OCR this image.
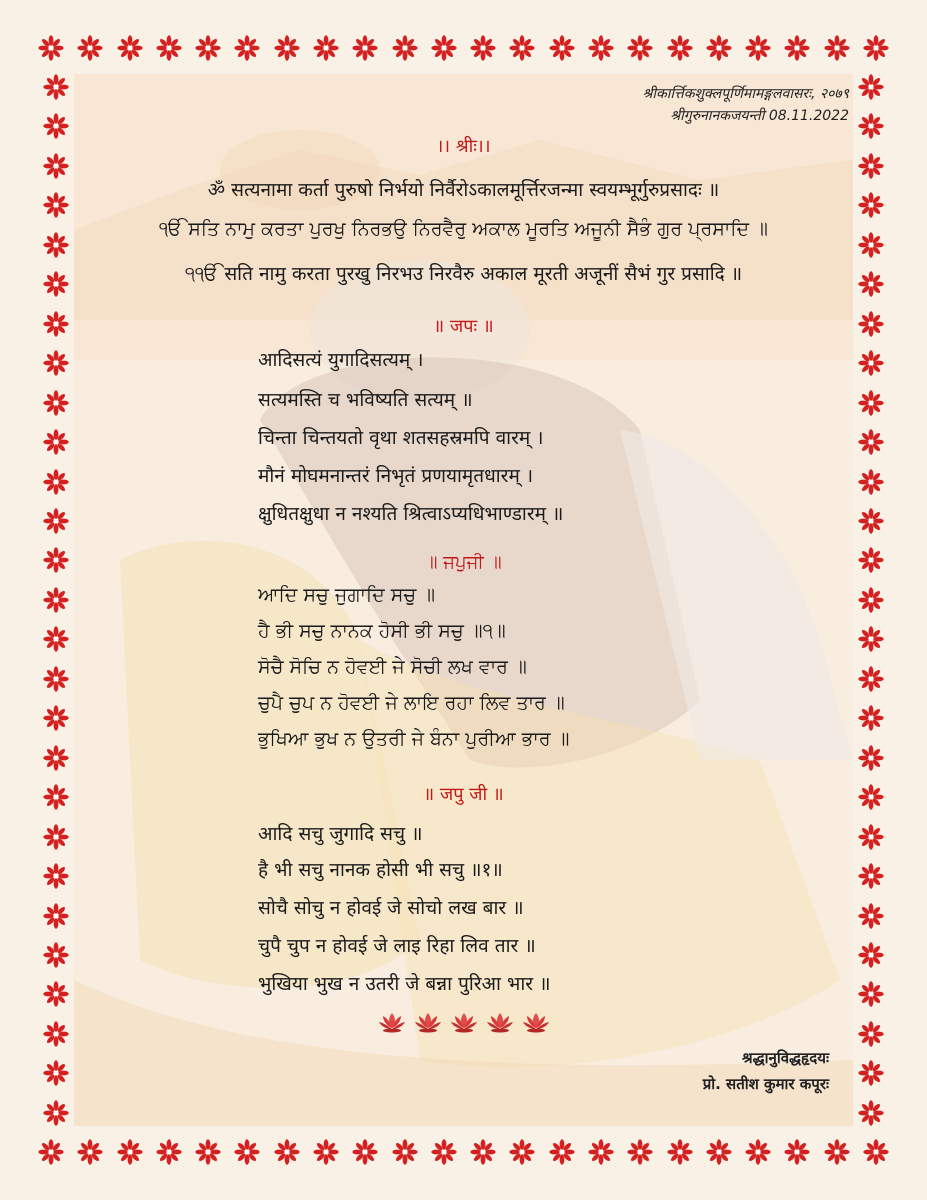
श्रीकार्त्तिकशुक्लपूर्णिमामङ्गलवासरः, २०७९
श्रीगुरुनानकजयन्ती 08.11.2022
।। श्रीः।।
ॐ सत्यनामा कर्ता पुरुषो निर्भयो निर्वैरोऽकालमूर्त्तिरजन्मा स्वयम्भूर्गुरुप्रसादः ॥
ੴ ਸਤਿ ਨਾਮੁ ਕਰਤਾ ਪੁਰਖੁ ਨਿਰਭਉ ਨਿਰਵੈਰੁ ਅਕਾਲ ਮੂਰਤਿ ਅਜੂਨੀ ਸੈਭੰ ਗੁਰ ਪ੍ਰਸਾਦਿ ॥
੧ੴ सति नामु करता पुरखु निरभउ निरवैरु अकाल मूरती अजूनीं सैभं गुर प्रसादि ॥
॥ जपः ॥
आदिसत्यं युगादिसत्यम् ।
सत्यमस्ति च भविष्यति सत्यम् ॥
चिन्ता चिन्तयतो वृथा शतसहस्रमपि वारम् ।
मौनं मोघमनान्तरं निभृतं प्रणयामृतधारम् ।
क्षुधितक्षुधा न नश्यति श्रित्वाऽप्यधिभाण्डारम् ॥
॥ ਜਪੁਜੀ ॥
ਆਦਿ ਸਚੁ ਜੁਗਾਦਿ ਸਚੁ ॥
ਹੈ ਭੀ ਸਚੁ ਨਾਨਕ ਹੋਸੀ ਭੀ ਸਚੁ ॥੧॥
ਸੋਚੈ ਸੋਚਿ ਨ ਹੋਵਈ ਜੇ ਸੋਚੀ ਲਖ ਵਾਰ ॥
ਚੁਪੈ ਚੁਪ ਨ ਹੋਵਈ ਜੇ ਲਾਇ ਰਹਾ ਲਿਵ ਤਾਰ ॥
ਭੁਖਿਆ ਭੁਖ ਨ ਉਤਰੀ ਜੇ ਬੰਨਾ ਪੁਰੀਆ ਭਾਰ ॥
॥ जपु जी ॥
आदि सचु जुगादि सचु ॥
है भी सचु नानक होसी भी सचु ॥१॥
सोचै सोचु न होवई जे सोचो लख बार ॥
चुपै चुप न होवई जे लाइ रिहा लिव तार ॥
भुखिया भुख न उतरी जे बन्ना पुरिआ भार ॥
श्रद्धानुविद्धहृदयः
प्रो. सतीश कुमार कपूरः
